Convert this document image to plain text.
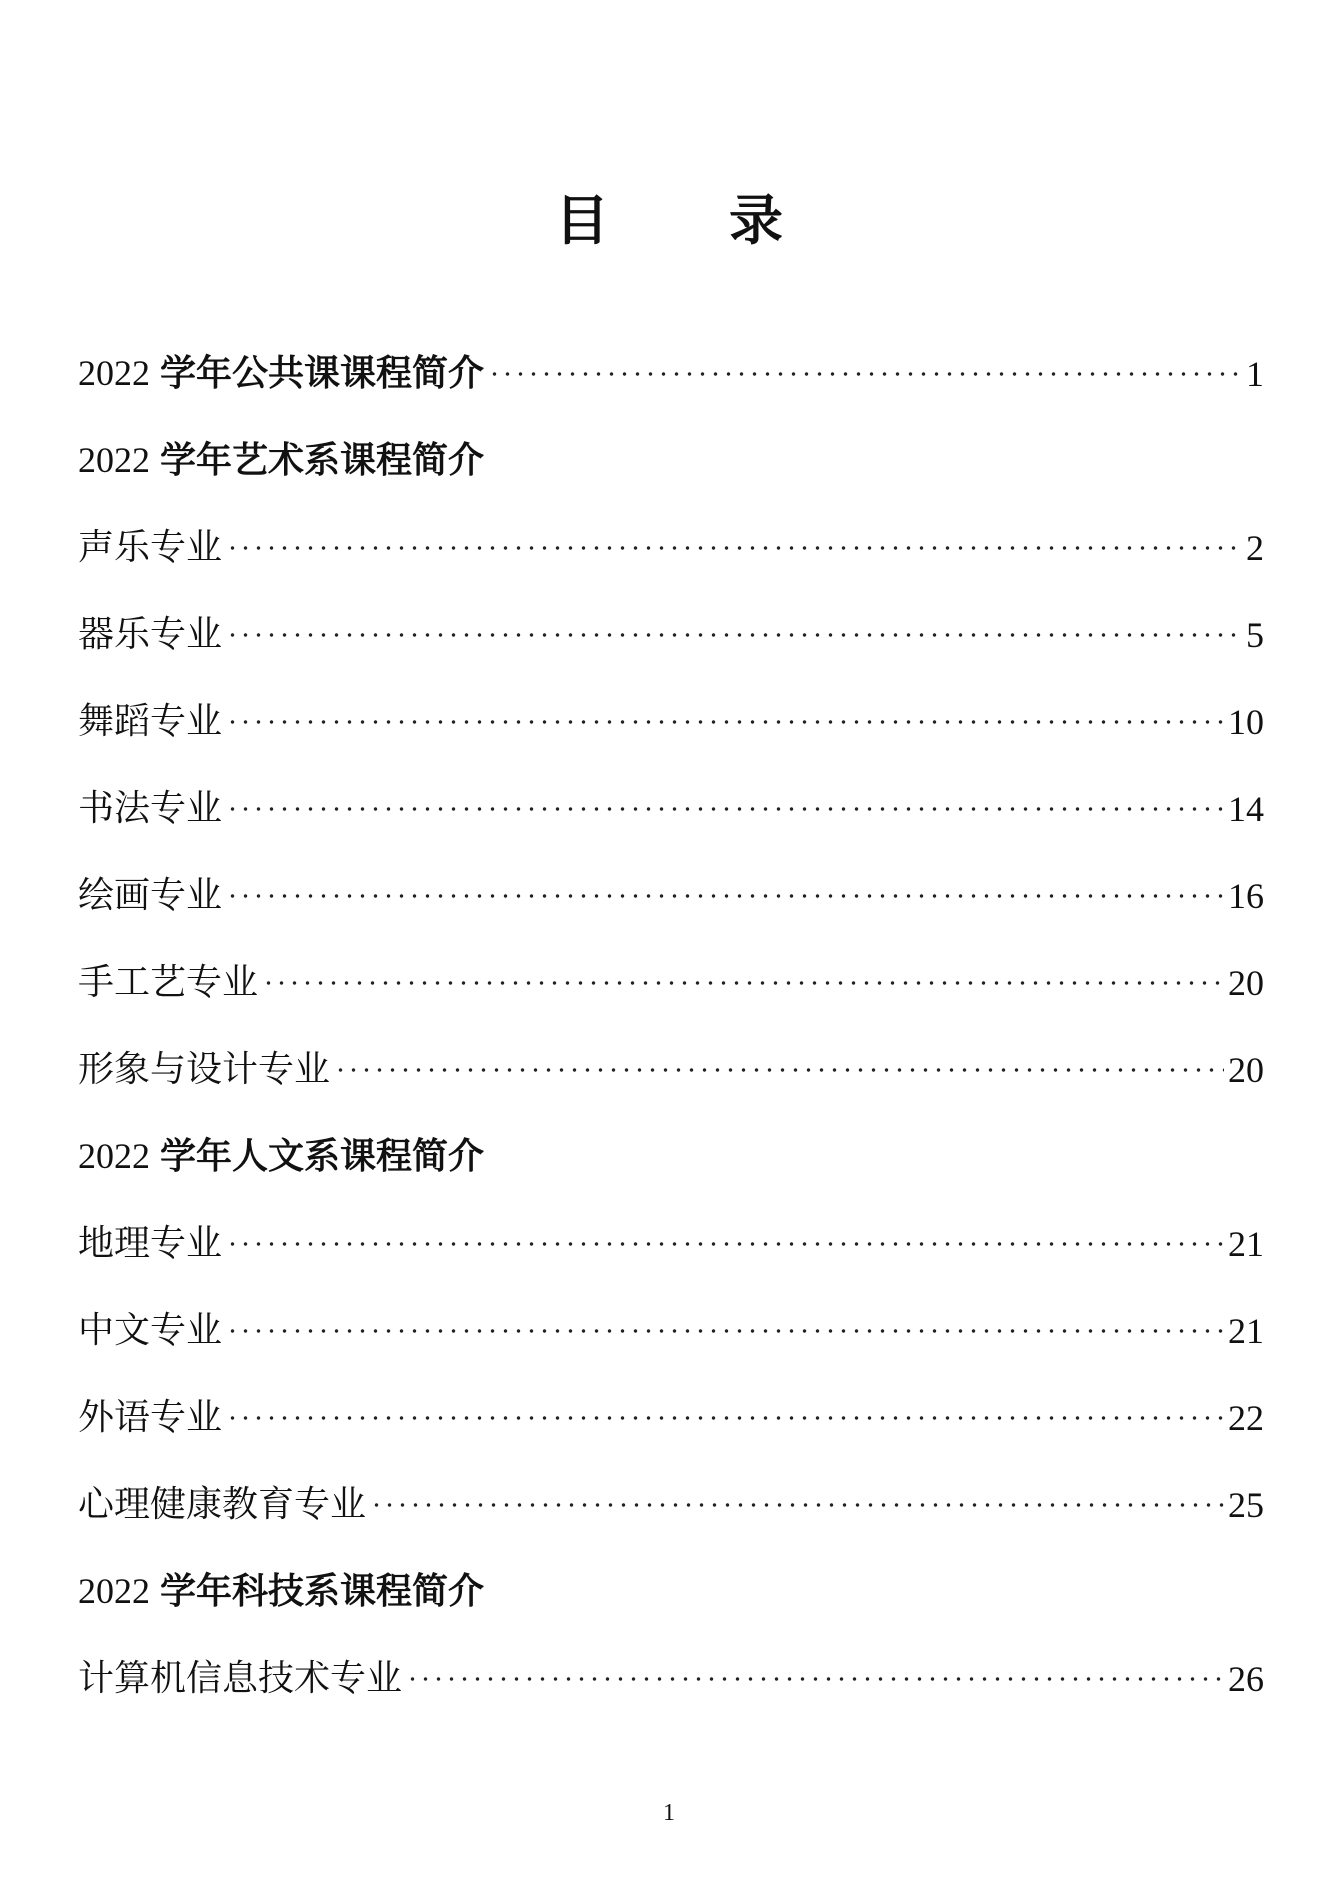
目 录
2022 学年公共课课程简介	1
2022 学年艺术系课程简介
声乐专业	2
器乐专业	5
舞蹈专业	10
书法专业	14
绘画专业	16
手工艺专业	20
形象与设计专业	20
2022 学年人文系课程简介
地理专业	21
中文专业	21
外语专业	22
心理健康教育专业	25
2022 学年科技系课程简介
计算机信息技术专业	26
1
